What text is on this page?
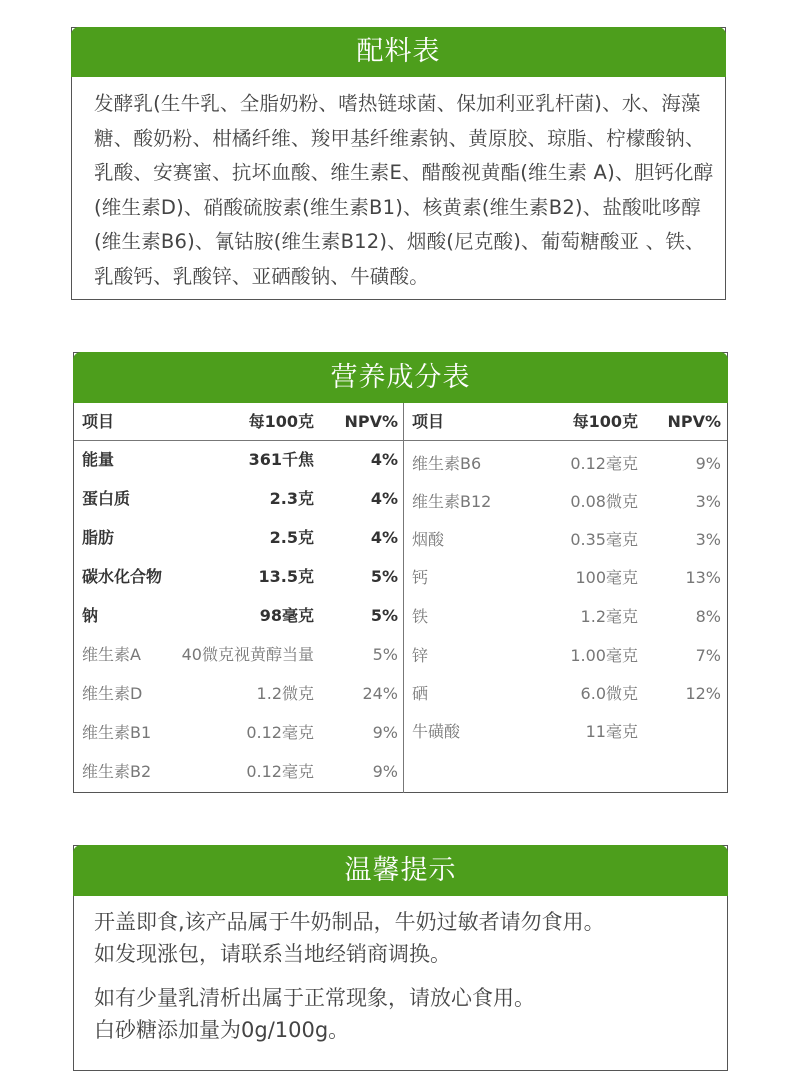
配料表
发酵乳(生牛乳、全脂奶粉、嗜热链球菌、保加利亚乳杆菌)、水、海藻糖、酸奶粉、柑橘纤维、羧甲基纤维素钠、黄原胶、琼脂、柠檬酸钠、乳酸、安赛蜜、抗坏血酸、维生素E、醋酸视黄酯(维生素 A)、胆钙化醇(维生素D)、硝酸硫胺素(维生素B1)、核黄素(维生素B2)、盐酸吡哆醇(维生素B6)、氰钴胺(维生素B12)、烟酸(尼克酸)、葡萄糖酸亚 、铁、乳酸钙、乳酸锌、亚硒酸钠、牛磺酸。
营养成分表
项目	每100克 NPV% 项目	每100克 NPV%
能量	361千焦	4%
蛋白质	2.3克	4%
脂肪	2.5克	4%
碳水化合物	13.5克	5%
钠	98毫克	5%
维生素A	40微克视黄醇当量	5%
维生素D	1.2微克	24%
维生素B1	0.12毫克	9%
维生素B2	0.12毫克	9%
维生素B6	0.12毫克	9%
维生素B12	0.08微克	3%
烟酸	0.35毫克	3%
钙	100毫克	13%
铁	1.2毫克	8%
锌	1.00毫克	7%
硒	6.0微克	12%
牛磺酸	11毫克
温馨提示
开盖即食,该产品属于牛奶制品，牛奶过敏者请勿食用。
如发现涨包，请联系当地经销商调换。
如有少量乳清析出属于正常现象，请放心食用。
白砂糖添加量为0g/100g。
